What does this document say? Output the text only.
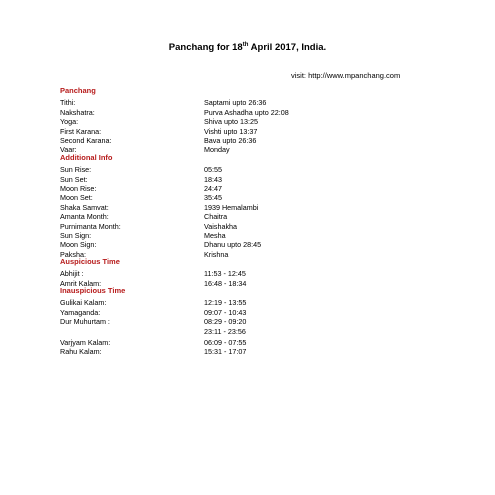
Panchang for 18th April 2017, India.
visit: http://www.mpanchang.com
Panchang
Tithi:	Saptami upto 26:36
Nakshatra:	Purva Ashadha upto 22:08
Yoga:	Shiva upto 13:25
First Karana:	Vishti upto 13:37
Second Karana:	Bava upto 26:36
Vaar:	Monday
Additional Info
Sun Rise:	05:55
Sun Set:	18:43
Moon Rise:	24:47
Moon Set:	35:45
Shaka Samvat:	1939 Hemalambi
Amanta Month:	Chaitra
Purnimanta Month:	Vaishakha
Sun Sign:	Mesha
Moon Sign:	Dhanu upto 28:45
Paksha:	Krishna
Auspicious Time
Abhijit :	11:53 - 12:45
Amrit Kalam:	16:48 - 18:34
Inauspicious Time
Gulikai Kalam:	12:19 - 13:55
Yamaganda:	09:07 - 10:43
Dur Muhurtam :	08:29 - 09:20
23:11 - 23:56
Varjyam Kalam:	06:09 - 07:55
Rahu Kalam:	15:31 - 17:07
